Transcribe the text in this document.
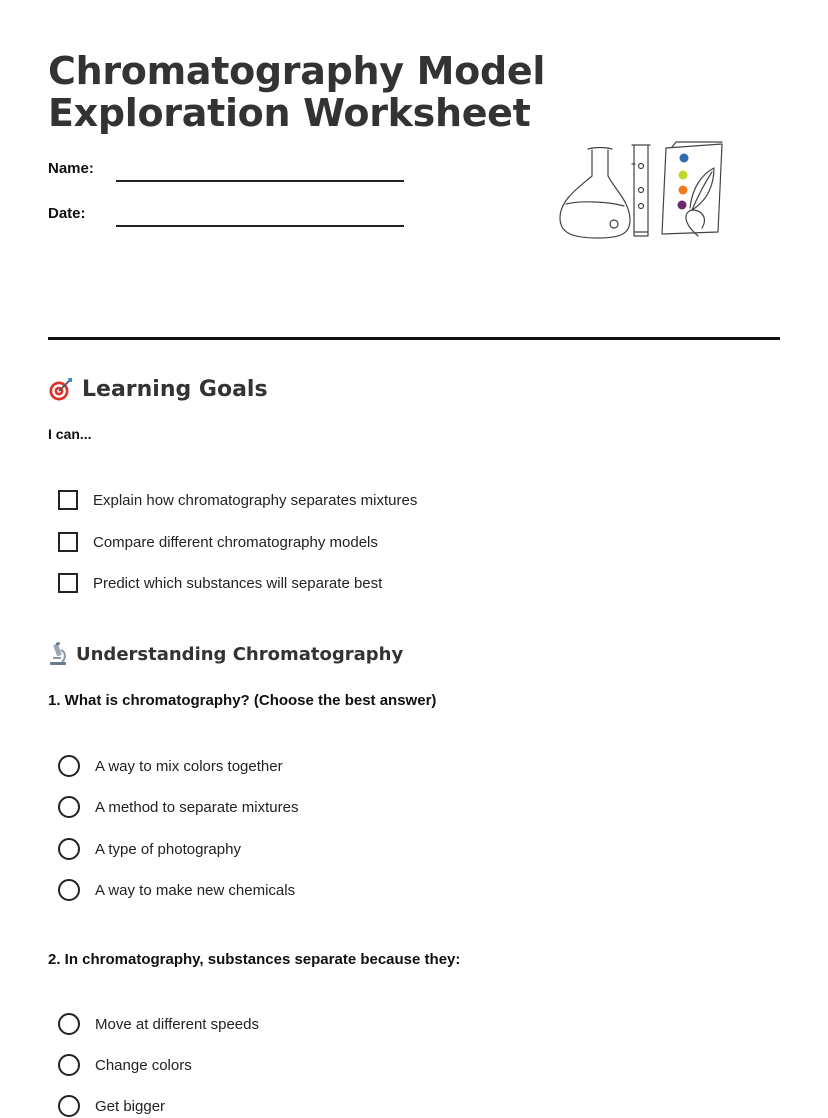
Chromatography Model
Exploration Worksheet
Name:
Date:
Learning Goals
I can...
Explain how chromatography separates mixtures
Compare different chromatography models
Predict which substances will separate best
Understanding Chromatography
1. What is chromatography? (Choose the best answer)
A way to mix colors together
A method to separate mixtures
A type of photography
A way to make new chemicals
2. In chromatography, substances separate because they:
Move at different speeds
Change colors
Get bigger
